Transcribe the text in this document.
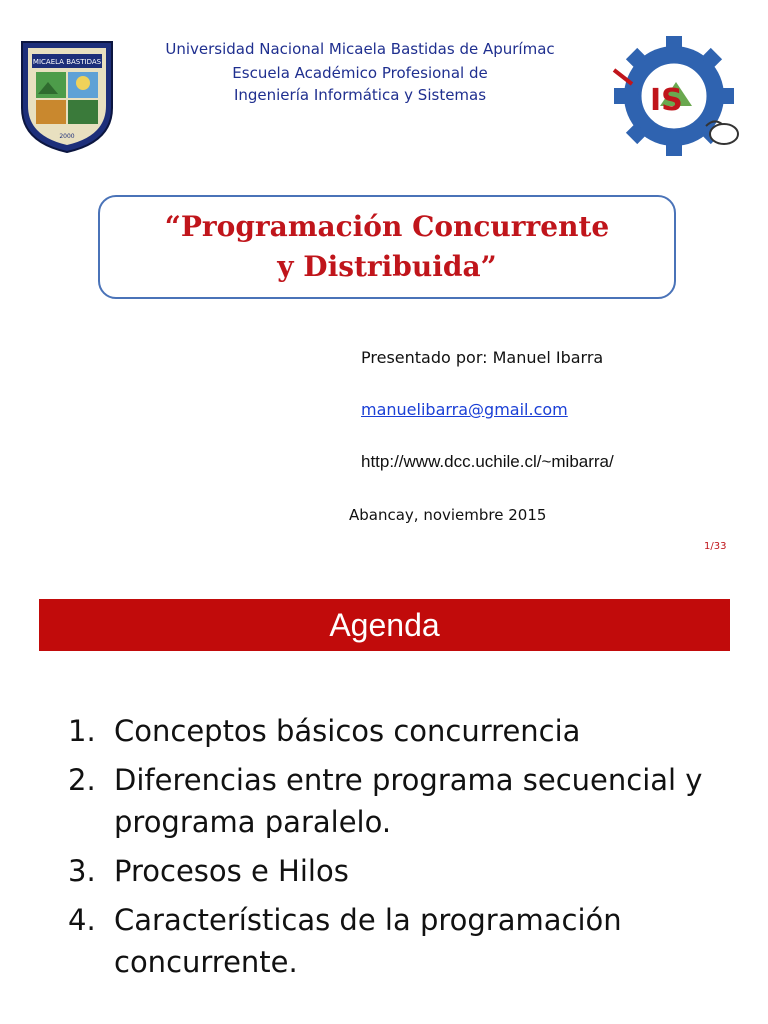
MICAELA BASTIDAS
2000
Universidad Nacional Micaela Bastidas de Apurímac
Escuela Académico Profesional de
Ingeniería Informática y Sistemas	IS
“Programación Concurrente y Distribuida”
Presentado por: Manuel Ibarra
manuelibarra@gmail.com
http://www.dcc.uchile.cl/~mibarra/
Abancay, noviembre 2015
1/33
Agenda
1. Conceptos básicos concurrencia
2. Diferencias entre programa secuencial y programa paralelo.
3. Procesos e Hilos
4. Características de la programación concurrente.
